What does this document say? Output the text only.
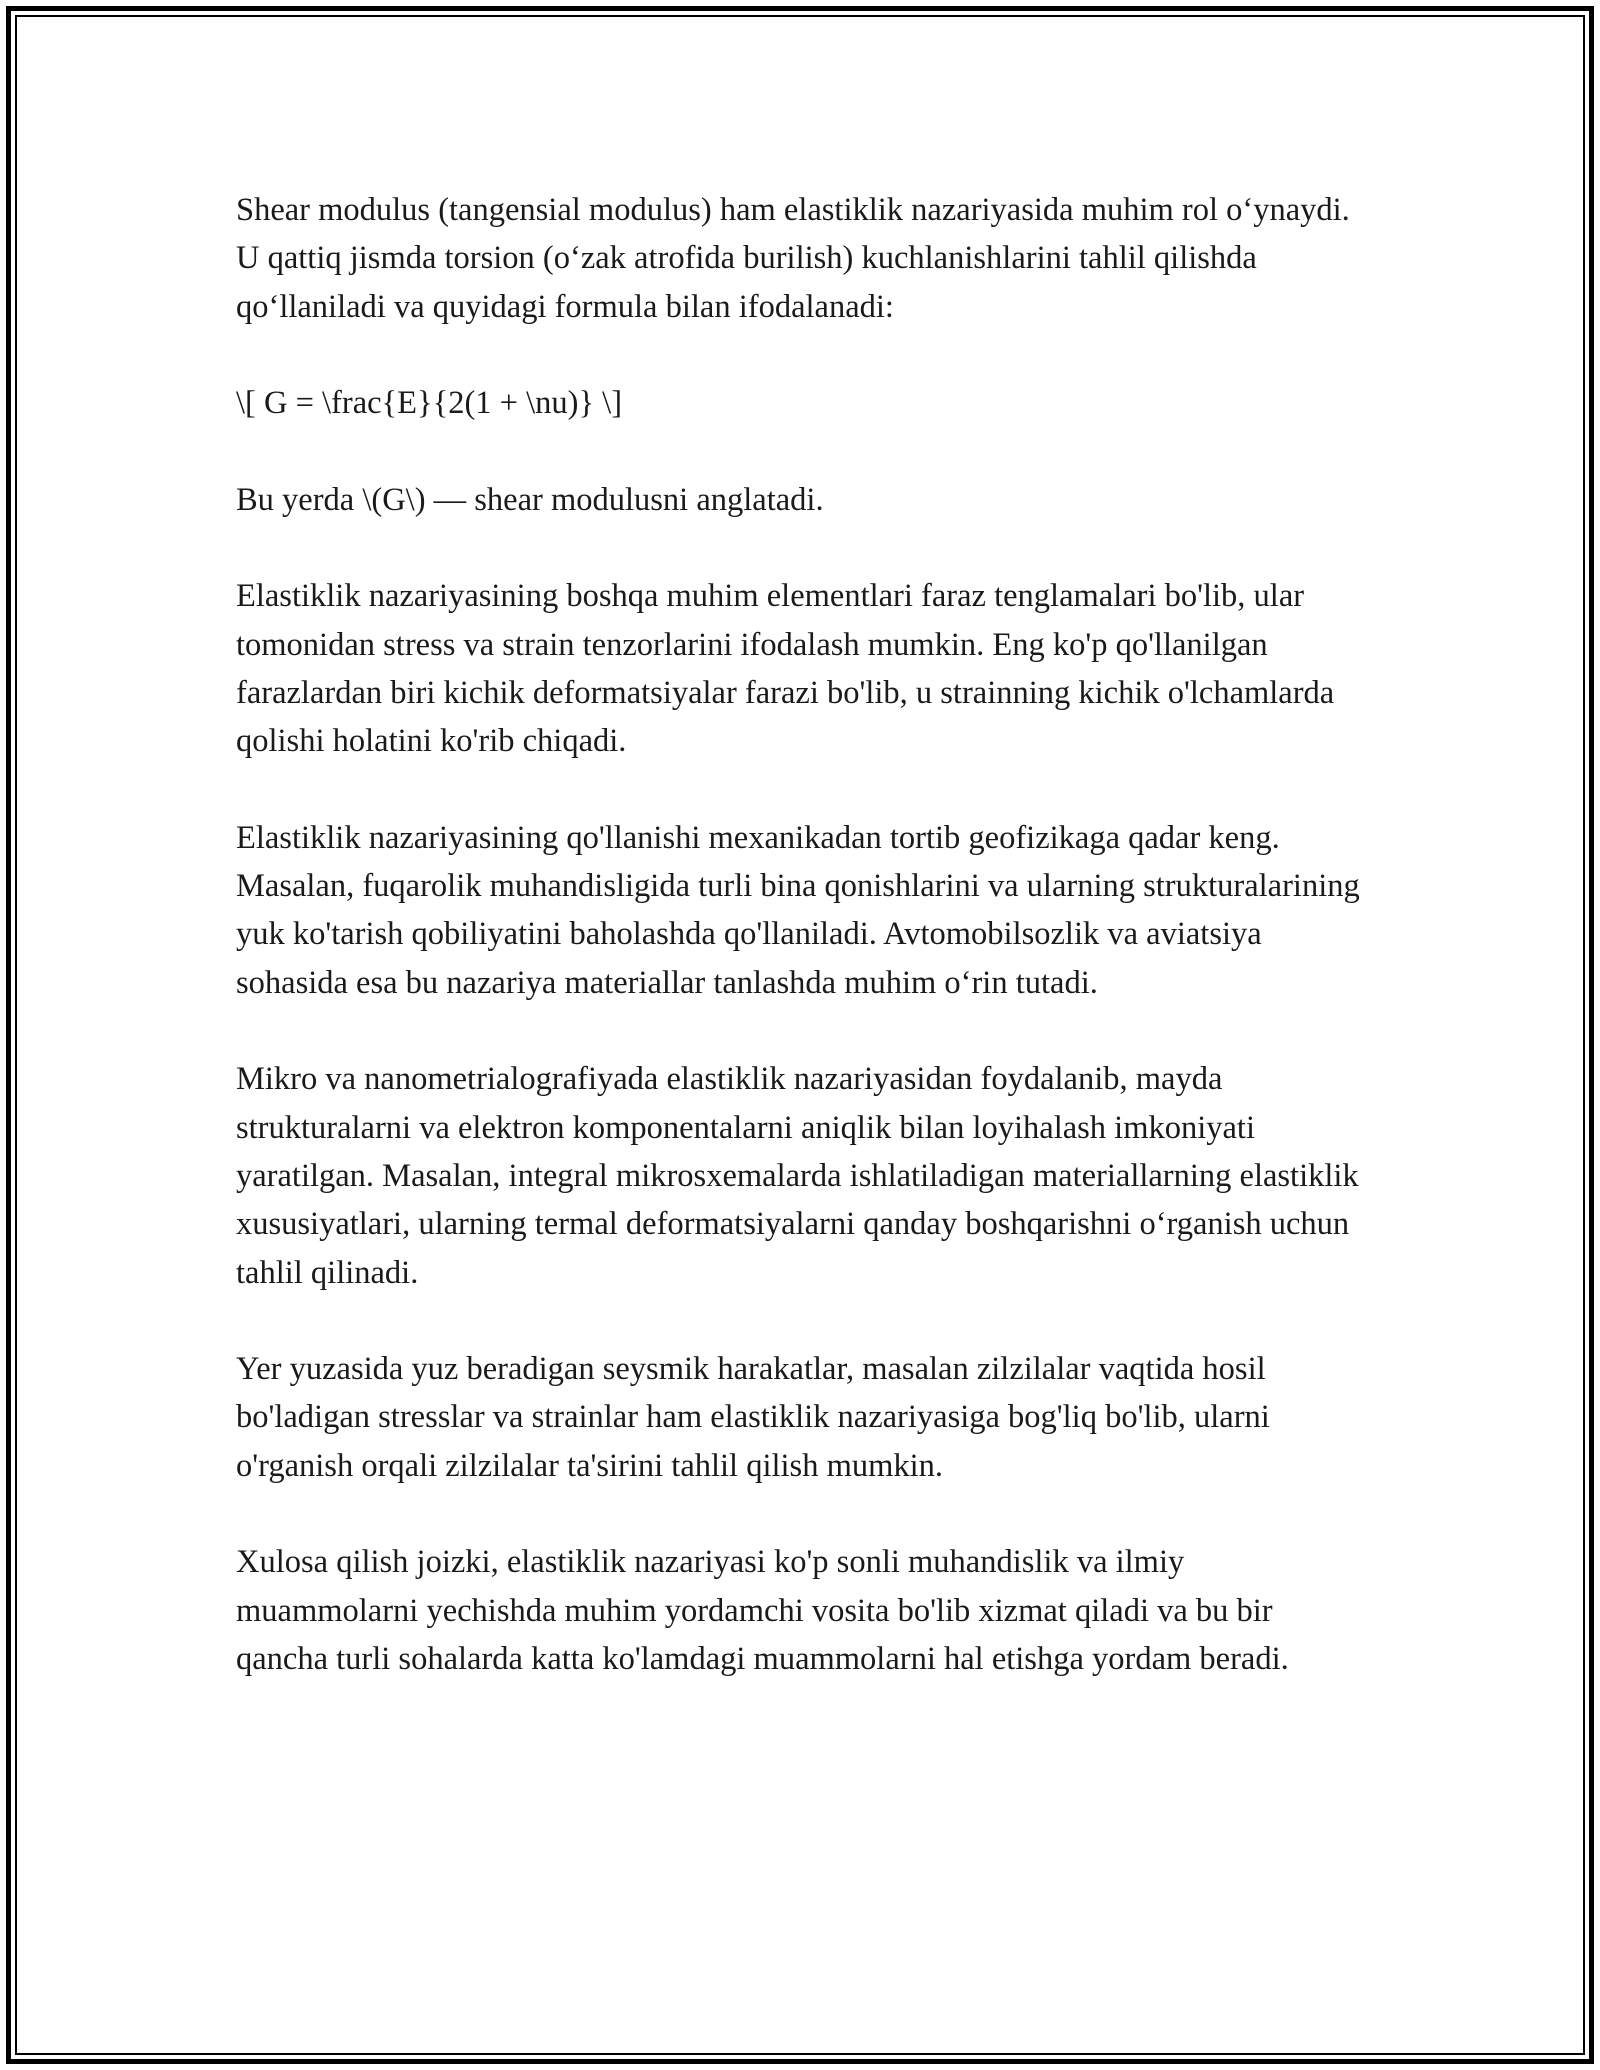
Shear modulus (tangensial modulus) ham elastiklik nazariyasida muhim rol o‘ynaydi. U qattiq jismda torsion (o‘zak atrofida burilish) kuchlanishlarini tahlil qilishda qo‘llaniladi va quyidagi formula bilan ifodalanadi:

\[ G = \frac{E}{2(1 + \nu)} \]

Bu yerda \(G\) — shear modulusni anglatadi.

Elastiklik nazariyasining boshqa muhim elementlari faraz tenglamalari bo'lib, ular tomonidan stress va strain tenzorlarini ifodalash mumkin. Eng ko'p qo'llanilgan farazlardan biri kichik deformatsiyalar farazi bo'lib, u strainning kichik o'lchamlarda qolishi holatini ko'rib chiqadi.

Elastiklik nazariyasining qo'llanishi mexanikadan tortib geofizikaga qadar keng. Masalan, fuqarolik muhandisligida turli bina qonishlarini va ularning strukturalarining yuk ko'tarish qobiliyatini baholashda qo'llaniladi. Avtomobilsozlik va aviatsiya sohasida esa bu nazariya materiallar tanlashda muhim o‘rin tutadi.

Mikro va nanometrialografiyada elastiklik nazariyasidan foydalanib, mayda strukturalarni va elektron komponentalarni aniqlik bilan loyihalash imkoniyati yaratilgan. Masalan, integral mikrosxemalarda ishlatiladigan materiallarning elastiklik xususiyatlari, ularning termal deformatsiyalarni qanday boshqarishni o‘rganish uchun tahlil qilinadi.

Yer yuzasida yuz beradigan seysmik harakatlar, masalan zilzilalar vaqtida hosil bo'ladigan stresslar va strainlar ham elastiklik nazariyasiga bog'liq bo'lib, ularni o'rganish orqali zilzilalar ta'sirini tahlil qilish mumkin.

Xulosa qilish joizki, elastiklik nazariyasi ko'p sonli muhandislik va ilmiy muammolarni yechishda muhim yordamchi vosita bo'lib xizmat qiladi va bu bir qancha turli sohalarda katta ko'lamdagi muammolarni hal etishga yordam beradi.
